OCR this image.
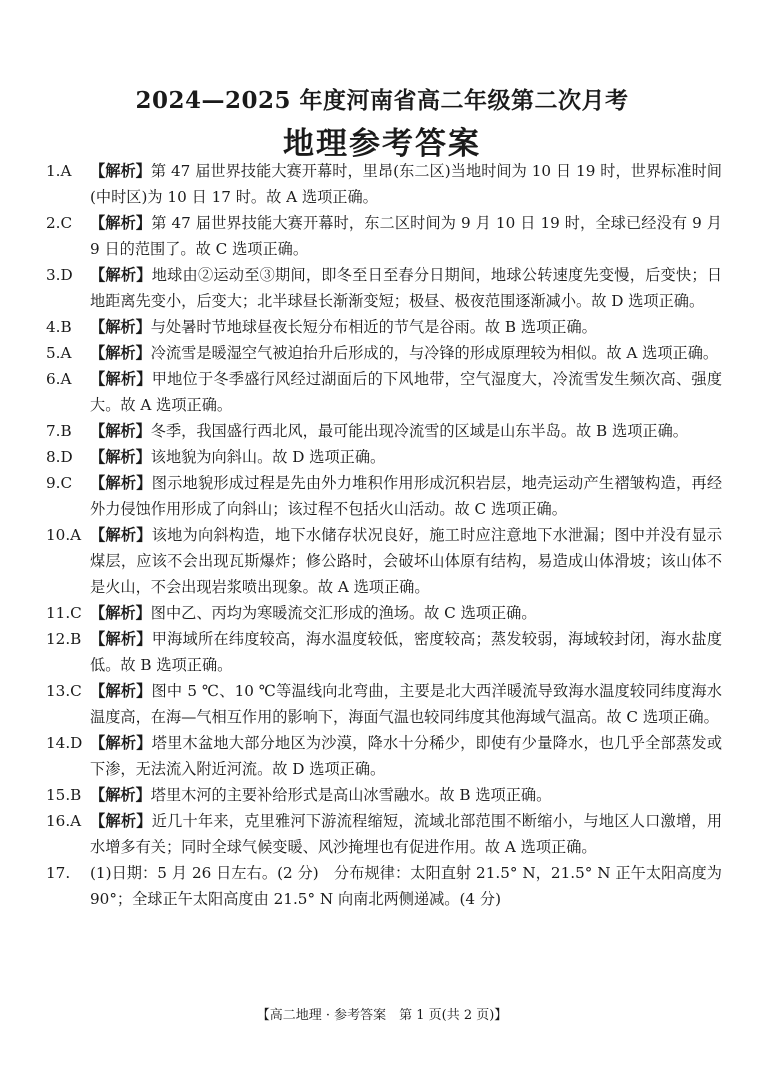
2024—2025 年度河南省高二年级第二次月考
地理参考答案
1.A 【解析】第 47 届世界技能大赛开幕时，里昂(东二区)当地时间为 10 日 19 时，世界标准时间(中时区)为 10 日 17 时。故 A 选项正确。
2.C 【解析】第 47 届世界技能大赛开幕时，东二区时间为 9 月 10 日 19 时，全球已经没有 9 月 9 日的范围了。故 C 选项正确。
3.D 【解析】地球由②运动至③期间，即冬至日至春分日期间，地球公转速度先变慢，后变快；日地距离先变小，后变大；北半球昼长渐渐变短；极昼、极夜范围逐渐减小。故 D 选项正确。
4.B 【解析】与处暑时节地球昼夜长短分布相近的节气是谷雨。故 B 选项正确。
5.A 【解析】冷流雪是暖湿空气被迫抬升后形成的，与冷锋的形成原理较为相似。故 A 选项正确。
6.A 【解析】甲地位于冬季盛行风经过湖面后的下风地带，空气湿度大，冷流雪发生频次高、强度大。故 A 选项正确。
7.B 【解析】冬季，我国盛行西北风，最可能出现冷流雪的区域是山东半岛。故 B 选项正确。
8.D 【解析】该地貌为向斜山。故 D 选项正确。
9.C 【解析】图示地貌形成过程是先由外力堆积作用形成沉积岩层，地壳运动产生褶皱构造，再经外力侵蚀作用形成了向斜山；该过程不包括火山活动。故 C 选项正确。
10.A 【解析】该地为向斜构造，地下水储存状况良好，施工时应注意地下水泄漏；图中并没有显示煤层，应该不会出现瓦斯爆炸；修公路时，会破坏山体原有结构，易造成山体滑坡；该山体不是火山，不会出现岩浆喷出现象。故 A 选项正确。
11.C 【解析】图中乙、丙均为寒暖流交汇形成的渔场。故 C 选项正确。
12.B 【解析】甲海域所在纬度较高，海水温度较低，密度较高；蒸发较弱，海域较封闭，海水盐度低。故 B 选项正确。
13.C 【解析】图中 5 ℃、10 ℃等温线向北弯曲，主要是北大西洋暖流导致海水温度较同纬度海水温度高，在海—气相互作用的影响下，海面气温也较同纬度其他海域气温高。故 C 选项正确。
14.D 【解析】塔里木盆地大部分地区为沙漠，降水十分稀少，即使有少量降水，也几乎全部蒸发或下渗，无法流入附近河流。故 D 选项正确。
15.B 【解析】塔里木河的主要补给形式是高山冰雪融水。故 B 选项正确。
16.A 【解析】近几十年来，克里雅河下游流程缩短，流域北部范围不断缩小，与地区人口激增，用水增多有关；同时全球气候变暖、风沙掩埋也有促进作用。故 A 选项正确。
17. (1)日期：5 月 26 日左右。(2 分)　分布规律：太阳直射 21.5° N，21.5° N 正午太阳高度为 90°；全球正午太阳高度由 21.5° N 向南北两侧递减。(4 分)
【高二地理 · 参考答案　第 1 页(共 2 页)】
